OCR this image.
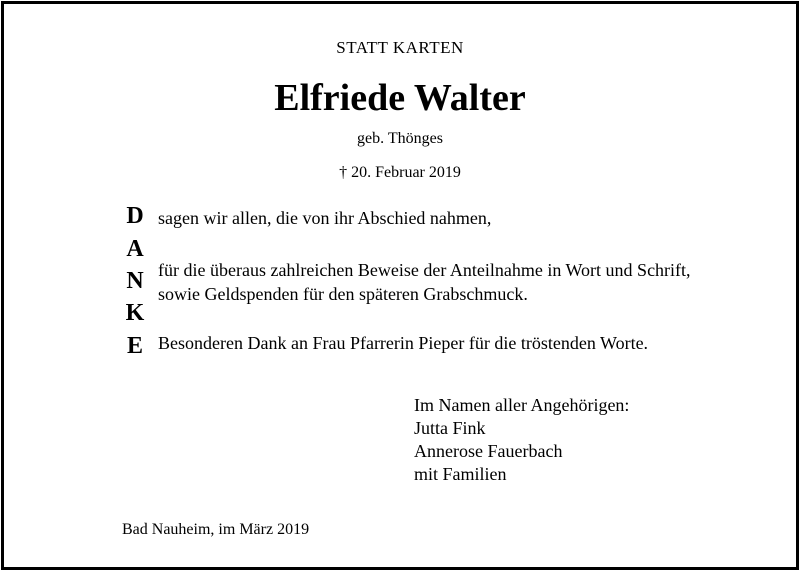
STATT KARTEN
Elfriede Walter
geb. Thönges
† 20. Februar 2019
D
A
N
K
E
sagen wir allen, die von ihr Abschied nahmen,
für die überaus zahlreichen Beweise der Anteilnahme in Wort und Schrift,
sowie Geldspenden für den späteren Grabschmuck.
Besonderen Dank an Frau Pfarrerin Pieper für die tröstenden Worte.
Im Namen aller Angehörigen:
Jutta Fink
Annerose Fauerbach
mit Familien
Bad Nauheim, im März 2019
